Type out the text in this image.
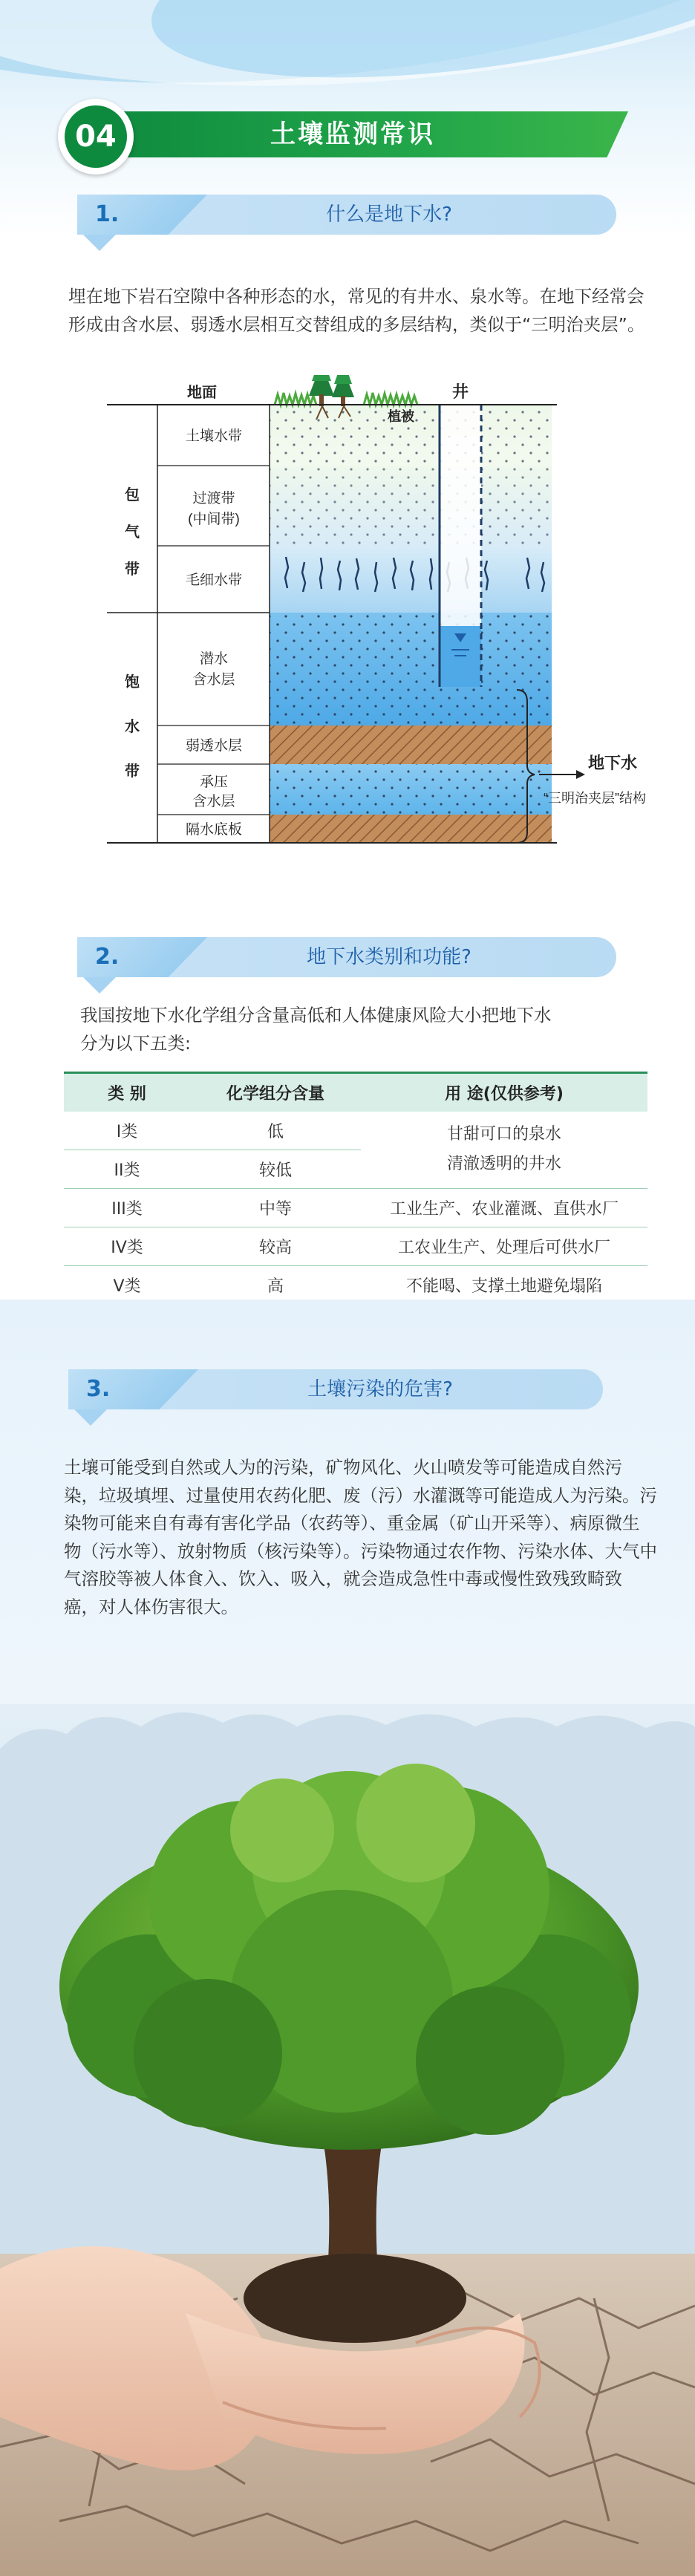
土壤监测常识
04
1.	什么是地下水?
埋在地下岩石空隙中各种形态的水，常见的有井水、泉水等。在地下经常会
形成由含水层、弱透水层相互交替组成的多层结构，类似于“三明治夹层”。
地面	井
植被
包
气
带
饱
水
带
土壤水带
过渡带
(中间带)
毛细水带
潜水
含水层
弱透水层
承压
含水层
隔水底板
地下水
“三明治夹层”结构
2.	地下水类别和功能?
我国按地下水化学组分含量高低和人体健康风险大小把地下水
分为以下五类:
类 别	化学组分含量	用 途(仅供参考)
I类	低	甘甜可口的泉水
清澈透明的井水

II类	较低	
III类	中等	工业生产、农业灌溉、直供水厂
IV类	较高	工农业生产、处理后可供水厂
V类	高	不能喝、支撑土地避免塌陷
3.	土壤污染的危害?
土壤可能受到自然或人为的污染，矿物风化、火山喷发等可能造成自然污
染，垃圾填埋、过量使用农药化肥、废（污）水灌溉等可能造成人为污染。污
染物可能来自有毒有害化学品（农药等）、重金属（矿山开采等）、病原微生
物（污水等）、放射物质（核污染等）。污染物通过农作物、污染水体、大气中
气溶胶等被人体食入、饮入、吸入，就会造成急性中毒或慢性致残致畸致
癌，对人体伤害很大。
